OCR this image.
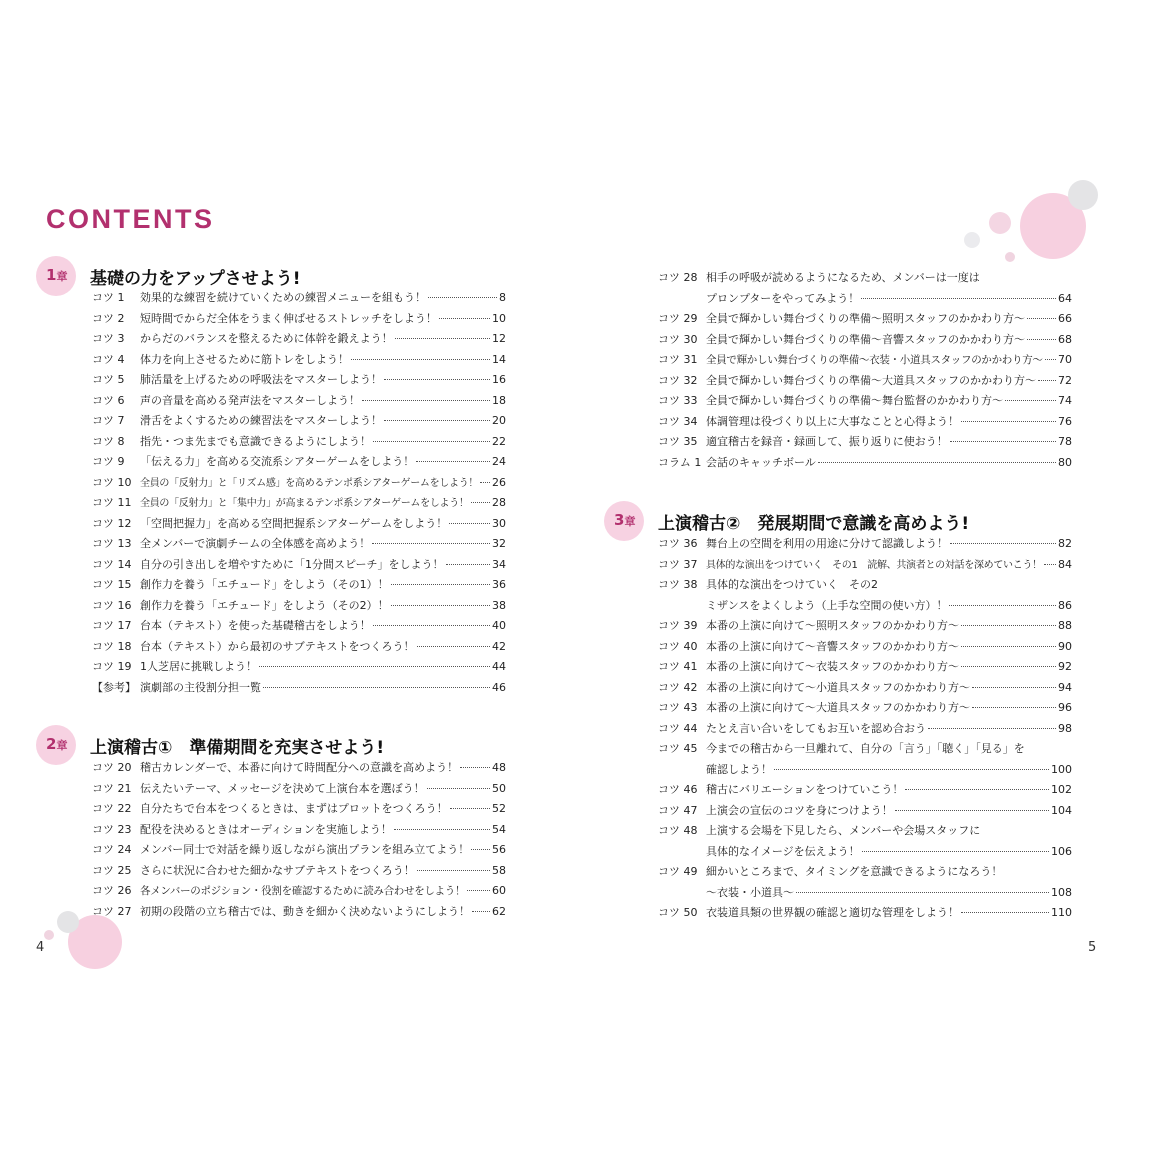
CONTENTS
1章 基礎の力をアップさせよう!
コツ 1	効果的な練習を続けていくための練習メニューを組もう！	8
コツ 2	短時間でからだ全体をうまく伸ばせるストレッチをしよう！	10
コツ 3	からだのバランスを整えるために体幹を鍛えよう！	12
コツ 4	体力を向上させるために筋トレをしよう！	14
コツ 5	肺活量を上げるための呼吸法をマスターしよう！	16
コツ 6	声の音量を高める発声法をマスターしよう！	18
コツ 7	滑舌をよくするための練習法をマスターしよう！	20
コツ 8	指先・つま先までも意識できるようにしよう！	22
コツ 9	「伝える力」を高める交流系シアターゲームをしよう！	24
コツ 10 全員の「反射力」と「リズム感」を高めるテンポ系シアターゲームをしよう！ 26
コツ 11 全員の「反射力」と「集中力」が高まるテンポ系シアターゲームをしよう！ 28
コツ 12 「空間把握力」を高める空間把握系シアターゲームをしよう！	30
コツ 13 全メンバーで演劇チームの全体感を高めよう！	32
コツ 14 自分の引き出しを増やすために「1分間スピーチ」をしよう！	34
コツ 15 創作力を養う「エチュード」をしよう（その1）！	36
コツ 16 創作力を養う「エチュード」をしよう（その2）！	38
コツ 17 台本（テキスト）を使った基礎稽古をしよう！	40
コツ 18 台本（テキスト）から最初のサブテキストをつくろう！	42
コツ 19 1人芝居に挑戦しよう！	44
【参考】 演劇部の主役割分担一覧	46
2章 上演稽古①　準備期間を充実させよう!
コツ 20 稽古カレンダーで、本番に向けて時間配分への意識を高めよう！	48
コツ 21 伝えたいテーマ、メッセージを決めて上演台本を選ぼう！	50
コツ 22 自分たちで台本をつくるときは、まずはプロットをつくろう！	52
コツ 23 配役を決めるときはオーディションを実施しよう！	54
コツ 24 メンバー同士で対話を繰り返しながら演出プランを組み立てよう！ 56
コツ 25 さらに状況に合わせた細かなサブテキストをつくろう！	58
コツ 26 各メンバーのポジション・役割を確認するために読み合わせをしよう！ 60
コツ 27 初期の段階の立ち稽古では、動きを細かく決めないようにしよう！ 62
4
コツ 28 相手の呼吸が読めるようになるため、メンバーは一度は
プロンプターをやってみよう！	64
コツ 29 全員で輝かしい舞台づくりの準備〜照明スタッフのかかわり方〜	66
コツ 30 全員で輝かしい舞台づくりの準備〜音響スタッフのかかわり方〜	68
コツ 31 全員で輝かしい舞台づくりの準備〜衣装・小道具スタッフのかかわり方〜 70
コツ 32 全員で輝かしい舞台づくりの準備〜大道具スタッフのかかわり方〜 72
コツ 33 全員で輝かしい舞台づくりの準備〜舞台監督のかかわり方〜	74
コツ 34 体調管理は役づくり以上に大事なことと心得よう！	76
コツ 35 適宜稽古を録音・録画して、振り返りに使おう！	78
コラム 1 会話のキャッチボール	80
3章 上演稽古②　発展期間で意識を高めよう!
コツ 36 舞台上の空間を利用の用途に分けて認識しよう！	82
コツ 37 具体的な演出をつけていく　その1　読解、共演者との対話を深めていこう！ 84
コツ 38 具体的な演出をつけていく　その2
ミザンスをよくしよう（上手な空間の使い方）！	86
コツ 39 本番の上演に向けて〜照明スタッフのかかわり方〜	88
コツ 40 本番の上演に向けて〜音響スタッフのかかわり方〜	90
コツ 41 本番の上演に向けて〜衣装スタッフのかかわり方〜	92
コツ 42 本番の上演に向けて〜小道具スタッフのかかわり方〜	94
コツ 43 本番の上演に向けて〜大道具スタッフのかかわり方〜	96
コツ 44 たとえ言い合いをしてもお互いを認め合おう	98
コツ 45 今までの稽古から一旦離れて、自分の「言う」「聴く」「見る」を
確認しよう！	100
コツ 46 稽古にバリエーションをつけていこう！	102
コツ 47 上演会の宣伝のコツを身につけよう！	104
コツ 48 上演する会場を下見したら、メンバーや会場スタッフに
具体的なイメージを伝えよう！	106
コツ 49 細かいところまで、タイミングを意識できるようになろう！
〜衣装・小道具〜	108
コツ 50 衣装道具類の世界観の確認と適切な管理をしよう！	110
5
